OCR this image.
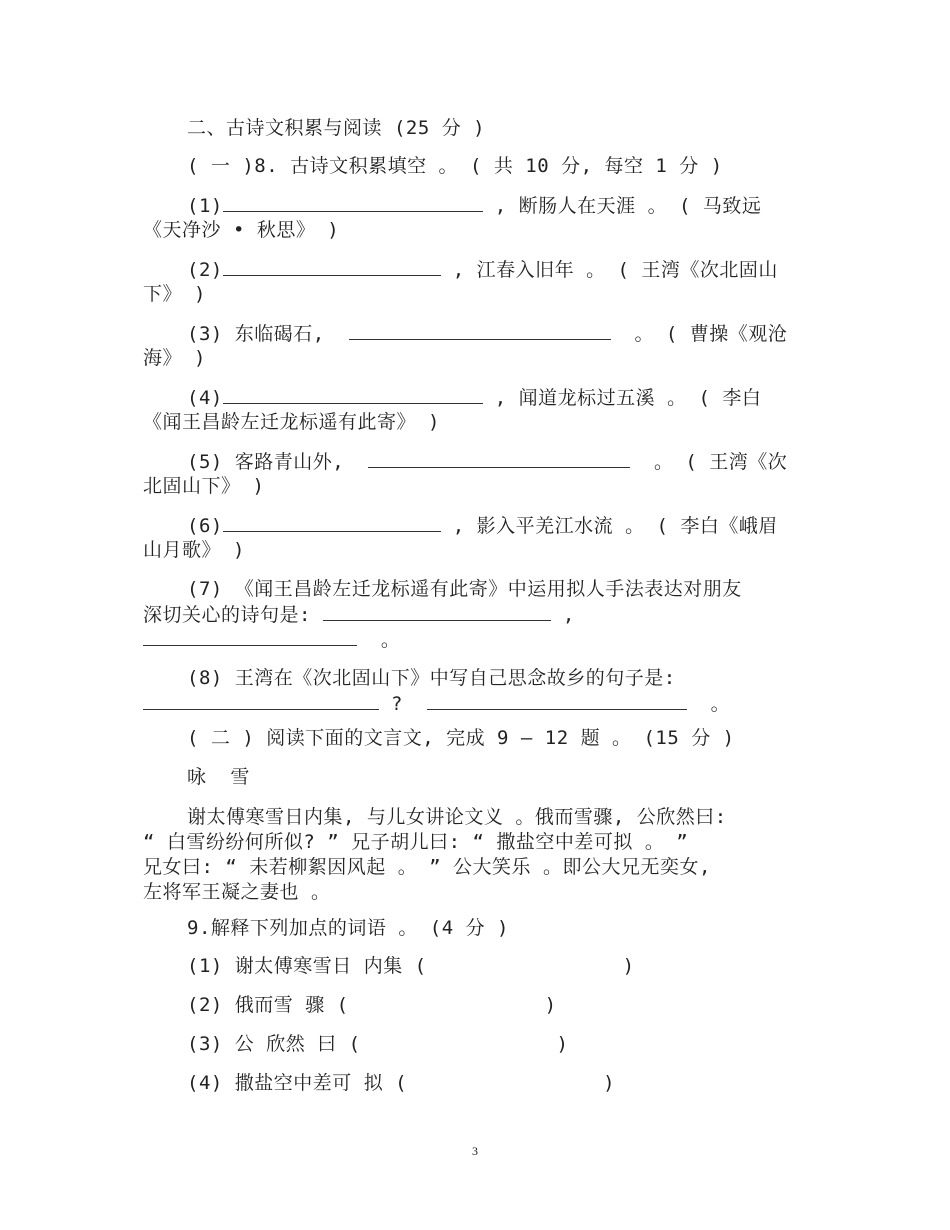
二、古诗文积累与阅读 (25 分 )
( 一 )8. 古诗文积累填空 。 ( 共 10 分, 每空 1 分 )
(1)	, 断肠人在天涯 。 ( 马致远
《天净沙 • 秋思》 )
(2)	, 江春入旧年 。 ( 王湾《次北固山
下》 )
(3) 东临碣石,	。 ( 曹操《观沧
海》 )
(4)	, 闻道龙标过五溪 。 ( 李白
《闻王昌龄左迁龙标遥有此寄》 )
(5) 客路青山外,	。 ( 王湾《次
北固山下》 )
(6)	, 影入平羌江水流 。 ( 李白《峨眉
山月歌》 )
(7) 《闻王昌龄左迁龙标遥有此寄》中运用拟人手法表达对朋友
深切关心的诗句是:	,
。
(8) 王湾在《次北固山下》中写自己思念故乡的句子是:
?	。
( 二 ) 阅读下面的文言文, 完成 9 — 12 题 。 (15 分 )
咏  雪
谢太傅寒雪日内集, 与儿女讲论文义 。俄而雪骤, 公欣然曰:
“ 白雪纷纷何所似? ” 兄子胡儿曰: “ 撒盐空中差可拟 。 ”
兄女曰: “ 未若柳絮因风起 。 ” 公大笑乐 。即公大兄无奕女,
左将军王凝之妻也 。
9.解释下列加点的词语 。 (4 分 )
(1) 谢太傅寒雪日 内集 (	)
(2) 俄而雪 骤 (	)
(3) 公 欣然 曰 (	)
(4) 撒盐空中差可 拟 (	)
3
